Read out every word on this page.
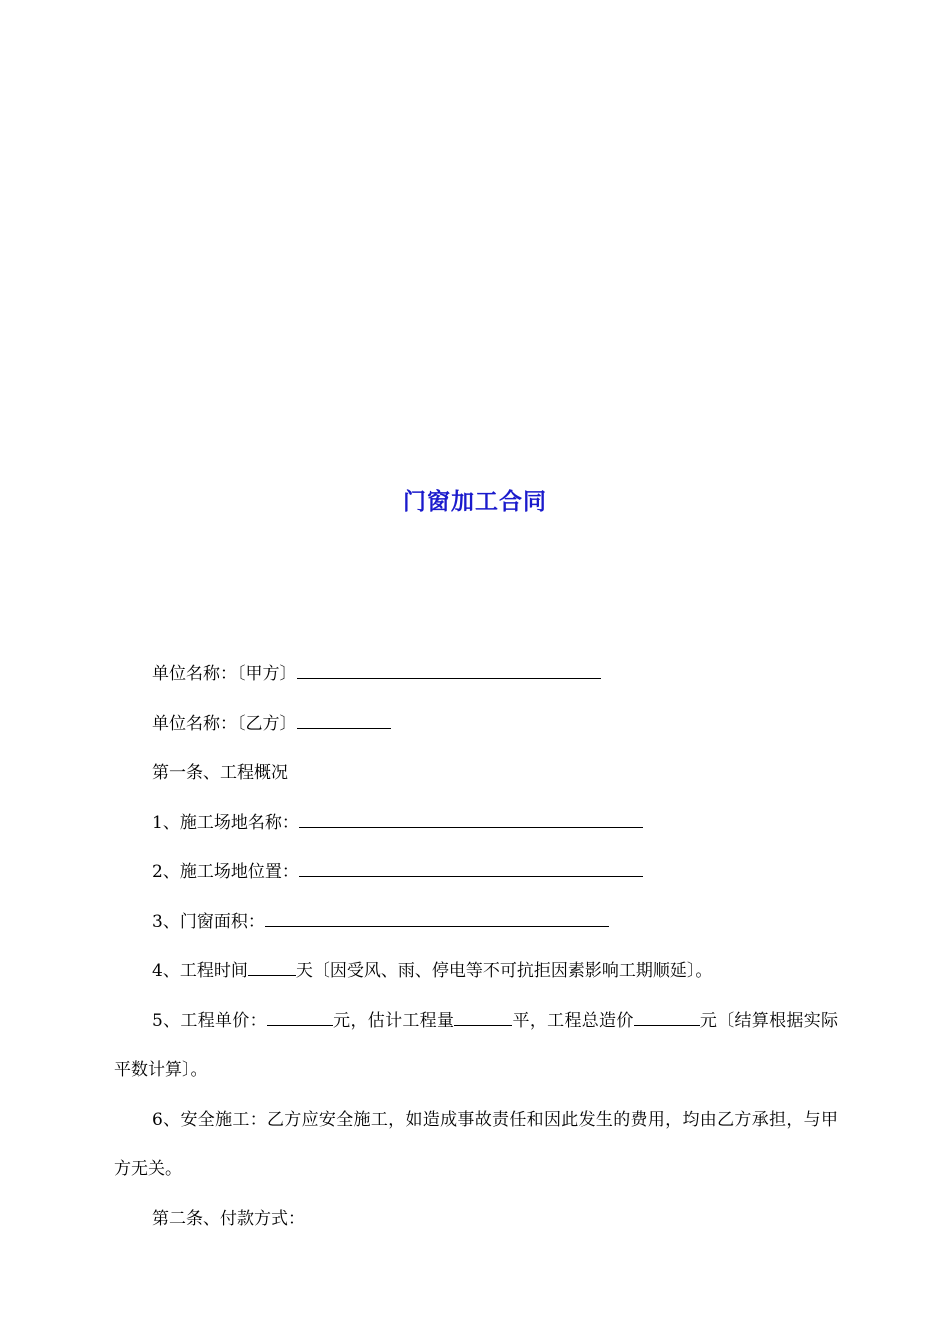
门窗加工合同

单位名称：〔甲方〕

单位名称：〔乙方〕

第一条、工程概况

1、施工场地名称：

2、施工场地位置：

3、门窗面积：

4、工程时间	天〔因受风、雨、停电等不可抗拒因素影响工期顺延〕。

5、工程单价：	元，估计工程量	平，工程总造价	元〔结算根据实际平数计算〕。

6、安全施工：乙方应安全施工，如造成事故责任和因此发生的费用，均由乙方承担，与甲方无关。

第二条、付款方式：
